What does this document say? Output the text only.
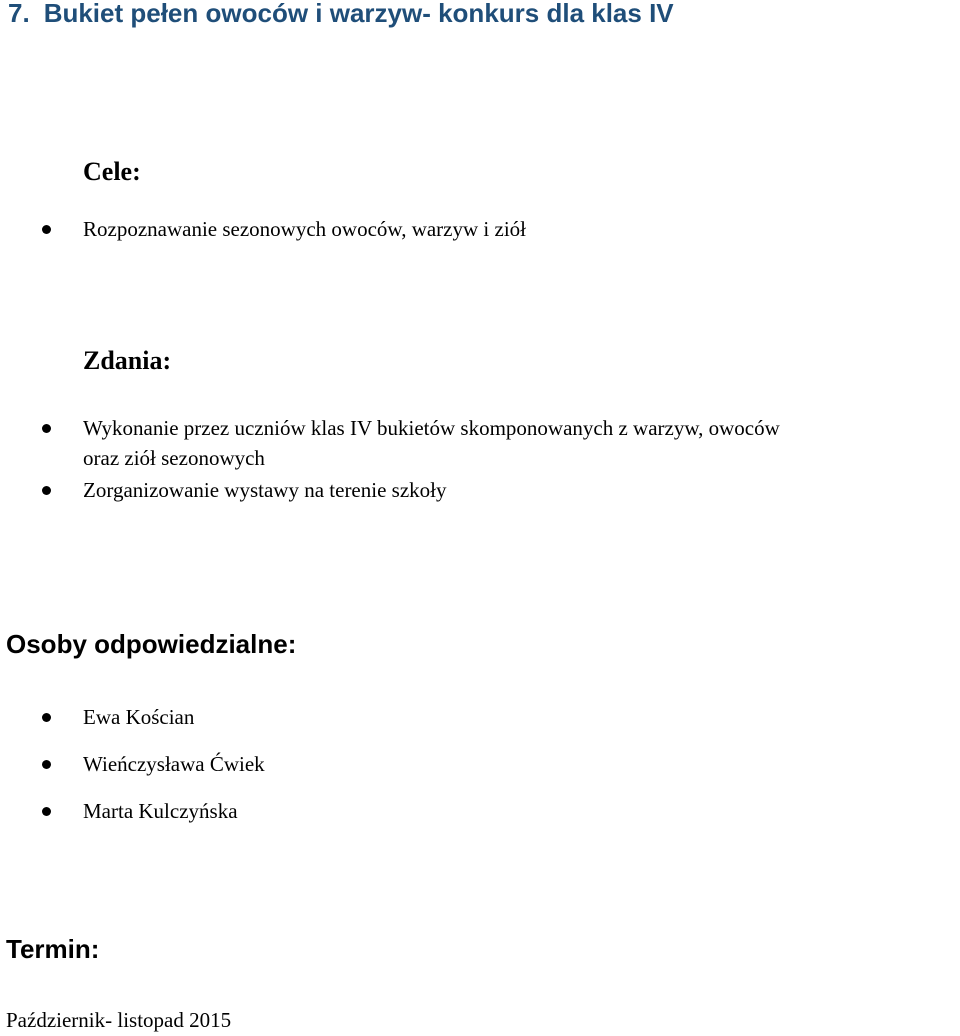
7. Bukiet pełen owoców i warzyw- konkurs dla klas IV
Cele:
Rozpoznawanie sezonowych owoców, warzyw i ziół
Zdania:
Wykonanie przez uczniów klas IV bukietów skomponowanych z warzyw, owoców
oraz ziół sezonowych
Zorganizowanie wystawy na terenie szkoły
Osoby odpowiedzialne:
Ewa Kościan
Wieńczysława Ćwiek
Marta Kulczyńska
Termin:
Październik- listopad 2015
